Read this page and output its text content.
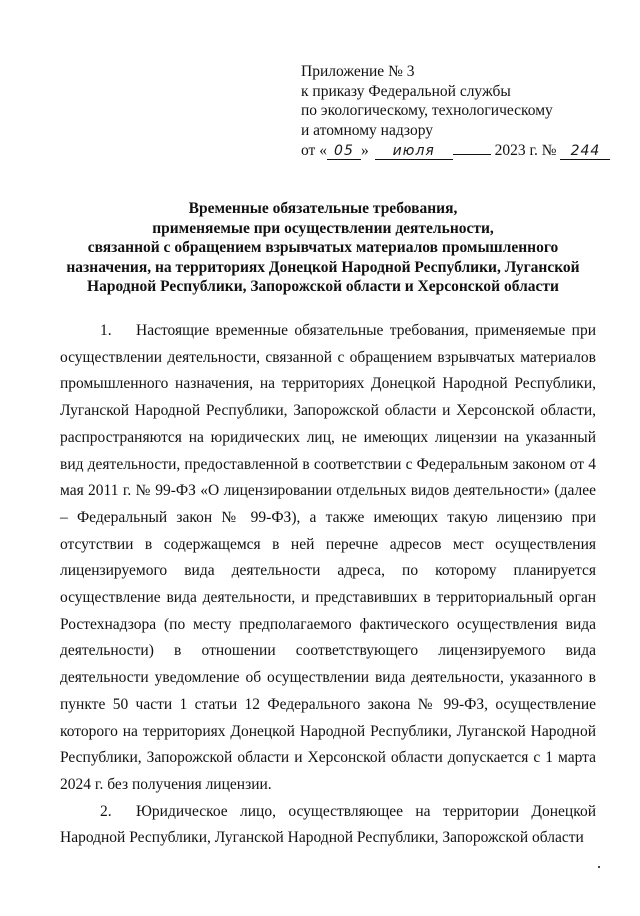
Приложение № 3
к приказу Федеральной службы
по экологическому, технологическому
и атомному надзору
от « 05 » июля	2023 г. № 244
Временные обязательные требования,
применяемые при осуществлении деятельности,
связанной с обращением взрывчатых материалов промышленного
назначения, на территориях Донецкой Народной Республики, Луганской
Народной Республики, Запорожской области и Херсонской области

1. Настоящие временные обязательные требования, применяемые при осуществлении деятельности, связанной с обращением взрывчатых материалов промышленного назначения, на территориях Донецкой Народной Республики, Луганской Народной Республики, Запорожской области и Херсонской области, распространяются на юридических лиц, не имеющих лицензии на указанный вид деятельности, предоставленной в соответствии с Федеральным законом от 4 мая 2011 г. № 99-ФЗ «О лицензировании отдельных видов деятельности» (далее – Федеральный закон № 99-ФЗ), а также имеющих такую лицензию при отсутствии в содержащемся в ней перечне адресов мест осуществления лицензируемого вида деятельности адреса, по которому планируется осуществление вида деятельности, и представивших в территориальный орган Ростехнадзора (по месту предполагаемого фактического осуществления вида деятельности) в отношении соответствующего лицензируемого вида деятельности уведомление об осуществлении вида деятельности, указанного в пункте 50 части 1 статьи 12 Федерального закона № 99-ФЗ, осуществление которого на территориях Донецкой Народной Республики, Луганской Народной Республики, Запорожской области и Херсонской области допускается с 1 марта 2024 г. без получения лицензии.

2. Юридическое лицо, осуществляющее на территории Донецкой Народной Республики, Луганской Народной Республики, Запорожской области
